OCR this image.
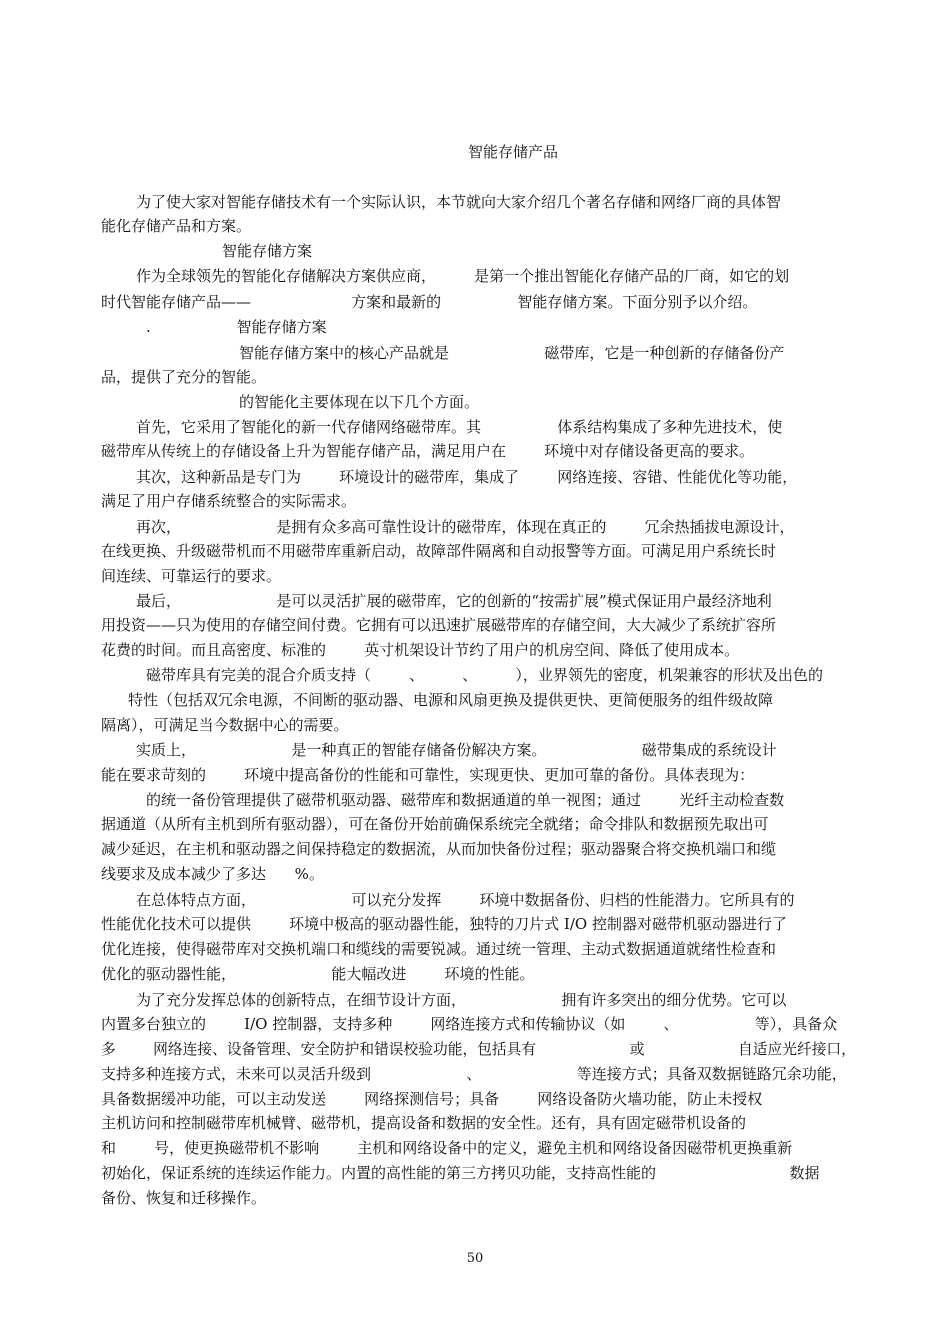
智能存储产品
为了使大家对智能存储技术有一个实际认识，本节就向大家介绍几个著名存储和网络厂商的具体智
能化存储产品和方案。
智能存储方案
作为全球领先的智能化存储解决方案供应商，        是第一个推出智能化存储产品的厂商，如它的划
时代智能存储产品——                     方案和最新的                智能存储方案。下面分别予以介绍。
.                  智能存储方案
智能存储方案中的核心产品就是                    磁带库，它是一种创新的存储备份产
品，提供了充分的智能。
的智能化主要体现在以下几个方面。
首先，它采用了智能化的新一代存储网络磁带库。其                体系结构集成了多种先进技术，使
磁带库从传统上的存储设备上升为智能存储产品，满足用户在        环境中对存储设备更高的要求。
其次，这种新品是专门为        环境设计的磁带库，集成了        网络连接、容错、性能优化等功能，
满足了用户存储系统整合的实际需求。
再次，                    是拥有众多高可靠性设计的磁带库，体现在真正的        冗余热插拔电源设计，
在线更换、升级磁带机而不用磁带库重新启动，故障部件隔离和自动报警等方面。可满足用户系统长时
间连续、可靠运行的要求。
最后，                    是可以灵活扩展的磁带库，它的创新的“按需扩展”模式保证用户最经济地利
用投资——只为使用的存储空间付费。它拥有可以迅速扩展磁带库的存储空间，大大减少了系统扩容所
花费的时间。而且高密度、标准的        英寸机架设计节约了用户的机房空间、降低了使用成本。
磁带库具有完美的混合介质支持（        、        、        ），业界领先的密度，机架兼容的形状及出色的
特性（包括双冗余电源，不间断的驱动器、电源和风扇更换及提供更快、更简便服务的组件级故障
隔离），可满足当今数据中心的需要。
实质上，                    是一种真正的智能存储备份解决方案。                    磁带集成的系统设计
能在要求苛刻的        环境中提高备份的性能和可靠性，实现更快、更加可靠的备份。具体表现为：
的统一备份管理提供了磁带机驱动器、磁带库和数据通道的单一视图；通过        光纤主动检查数
据通道（从所有主机到所有驱动器），可在备份开始前确保系统完全就绪；命令排队和数据预先取出可
减少延迟，在主机和驱动器之间保持稳定的数据流，从而加快备份过程；驱动器聚合将交换机端口和缆
线要求及成本减少了多达      %。
在总体特点方面，                    可以充分发挥        环境中数据备份、归档的性能潜力。它所具有的
性能优化技术可以提供        环境中极高的驱动器性能，独特的刀片式 I/O 控制器对磁带机驱动器进行了
优化连接，使得磁带库对交换机端口和缆线的需要锐减。通过统一管理、主动式数据通道就绪性检查和
优化的驱动器性能，                    能大幅改进        环境的性能。
为了充分发挥总体的创新特点，在细节设计方面，                    拥有许多突出的细分优势。它可以
内置多台独立的        I/O 控制器，支持多种        网络连接方式和传输协议（如        、                等），具备众
多        网络连接、设备管理、安全防护和错误校验功能，包括具有                    或                    自适应光纤接口，
支持多种连接方式，未来可以灵活升级到                    、                    等连接方式；具备双数据链路冗余功能，
具备数据缓冲功能，可以主动发送        网络探测信号；具备        网络设备防火墙功能，防止未授权
主机访问和控制磁带库机械臂、磁带机，提高设备和数据的安全性。还有，具有固定磁带机设备的
和        号，使更换磁带机不影响        主机和网络设备中的定义，避免主机和网络设备因磁带机更换重新
初始化，保证系统的连续运作能力。内置的高性能的第三方拷贝功能，支持高性能的                            数据
备份、恢复和迁移操作。
50
